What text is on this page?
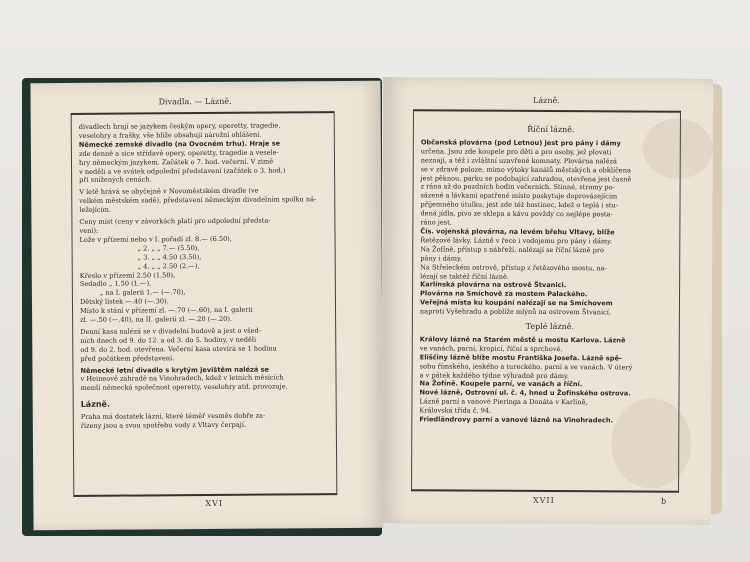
Divadla. — Lázně.

divadlech hrají se jazykem českým opery, operetty, tragedie,

veselohry a frašky, vše blíže obsahují nárožní ohlášení.

Německé zemské divadlo (na Ovocném trhu). Hraje se

zde denně a sice střídavě opery, operetty, tragedie a vesele-

hry německým jazykem. Začátek o 7. hod. večerní. V zimě

v neděli a ve svátek odpolední představení (začátek o 3. hod.)

při snížených cenách.

V letě hrává se obyčejně v Novoměstském divadle (ve

velkém městském sadě), představení německým divadelním spolku ná-

ležejícím.

Ceny míst (ceny v závorkách platí pro odpolední předsta-

vení):

Lože v přízemí nebo v I. pořadí zl. 8.— (6.50),

„ 2. „ „ 7.— (5.50),

„ 3. „ „ 4.50 (3.50),

„ 4. „ „ 2.50 (2.—),

Křeslo v přízemí 2.50 (1.50),

Sedadlo „ 1.50 (1.—),

„ na I. galerii 1.— (—.70),

Dětský lístek —.40 (—.30).

Místo k stání v přízemí zl. —.70 (—.60), na I. galerii

zl. —.50 (—.40), na II. galerii zl. —.20 (—.20).

Denní kasa nalézá se v divadelní budově a jest o všed-

ních dnech od 9. do 12. a od 3. do 5. hodiny, v neděli

od 9. do 2. hod. otevřena. Večerní kasa otevírá se 1 hodinu

před počátkem představení.

Německé letní divadlo s krytým jevištěm nalézá se

v Heineově zahradě na Vinohradech, kdež v letních měsících

menší německá společnost operetty, veselohry atd. provozuje.

Lázně.

Praha má dostatek lázní, které téměř vesměs dobře za-

řízeny jsou a svou spotřebu vody z Vltavy čerpají.

XVI
Lázně.

Říční lázně.

Občanská plovárna (pod Letnou) jest pro pány i dámy

určena. Jsou zde koupele pro děti a pro osoby, jež plovati

neznají, a též i zvláštní uzavřené komnaty. Plovárna nalézá

se v zdravé poloze, mimo výtoky kanálů městských a obklíčena

jest pěknou, parku se podobající zahradou, otevřena jest časně

z rána až do pozdních hodin večerních. Stinné, stromy po-

sázené a lávkami opatřené místo poskytuje doprovázejícím

příjemného útulku, jest zde též hostinec, kdež o teplá i stu-

dená jídla, pivo ze sklepa a kávu povždy co nejlépe posta-

ráno jest.

Čís. vojenská plovárna, na levém břehu Vltavy, blíže

Řetězové lávky. Lázně v řece i vodojemu pro pány i dámy.

Na Žofíně, přístup s nábřeží, nalézají se říční lázně pro

pány i dámy.

Na Střeleckém ostrově, přístup z řetězového mostu, na-

lézají se taktéž říční lázně.

Karlínská plovárna na ostrově Štvanici.

Plovárna na Smíchově za mostem Palackého.

Veřejná místa ku koupání nalézají se na Smíchovem

naproti Vyšehradu a poblíže mlýnů na ostrovem Štvanicí.

Teplé lázně.

Královy lázně na Starém městě u mostu Karlova. Lázně

ve vanách, parní, kropicí, říční a sprchové.

Eliščiny lázně blíže mostu Františka Josefa. Lázně spě-

sobu římského, ieského a tureckého, parní a ve vanách. V úterý

a v pátek každého týdne výhradně pro dámy.

Na Žofíně. Koupele parní, ve vanách a říční.

Nové lázně, Ostrovní ul. č. 4, hned u Žofínského ostrova.

Lázně parní a vanové Pieringa a Donáta v Karlině,

Královská třída č. 94.

Friedländrovy parní a vanové lázně na Vinohradech.

XVII	b
